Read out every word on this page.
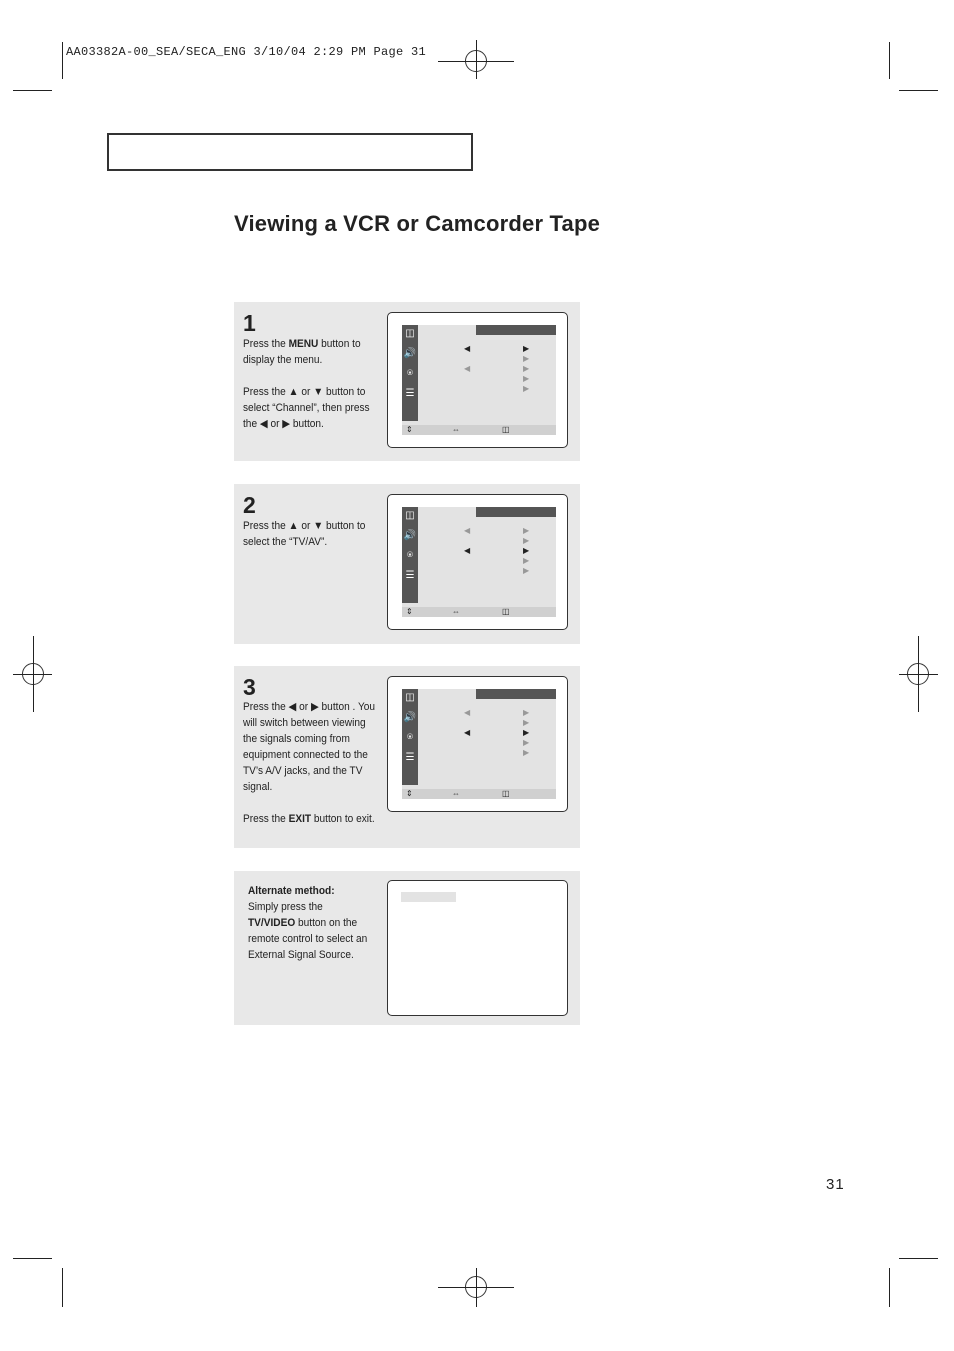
AA03382A-00_SEA/SECA_ENG 3/10/04 2:29 PM Page 31
Viewing a VCR or Camcorder Tape
1
Press the MENU button to display the menu.
Press the ▲ or ▼ button to select “Channel”, then press the ◀ or ▶ button.
◫
🔊
⍟
☰
◀	▶
▶
◀	▶
▶
▶
⇕	⇔	◫
2
Press the ▲ or ▼ button to select the “TV/AV”.
◫
🔊
⍟
☰
◀	▶
▶
◀	▶
▶
▶
⇕	⇔	◫
3
Press the ◀ or ▶ button . You will switch between viewing the signals coming from equipment connected to the TV’s A/V jacks, and the TV signal.
Press the EXIT button to exit.
◫
🔊
⍟
☰
◀	▶
▶
◀	▶
▶
▶
⇕	⇔	◫
Alternate method:
Simply press the
TV/VIDEO button on the remote control to select an External Signal Source.
31
